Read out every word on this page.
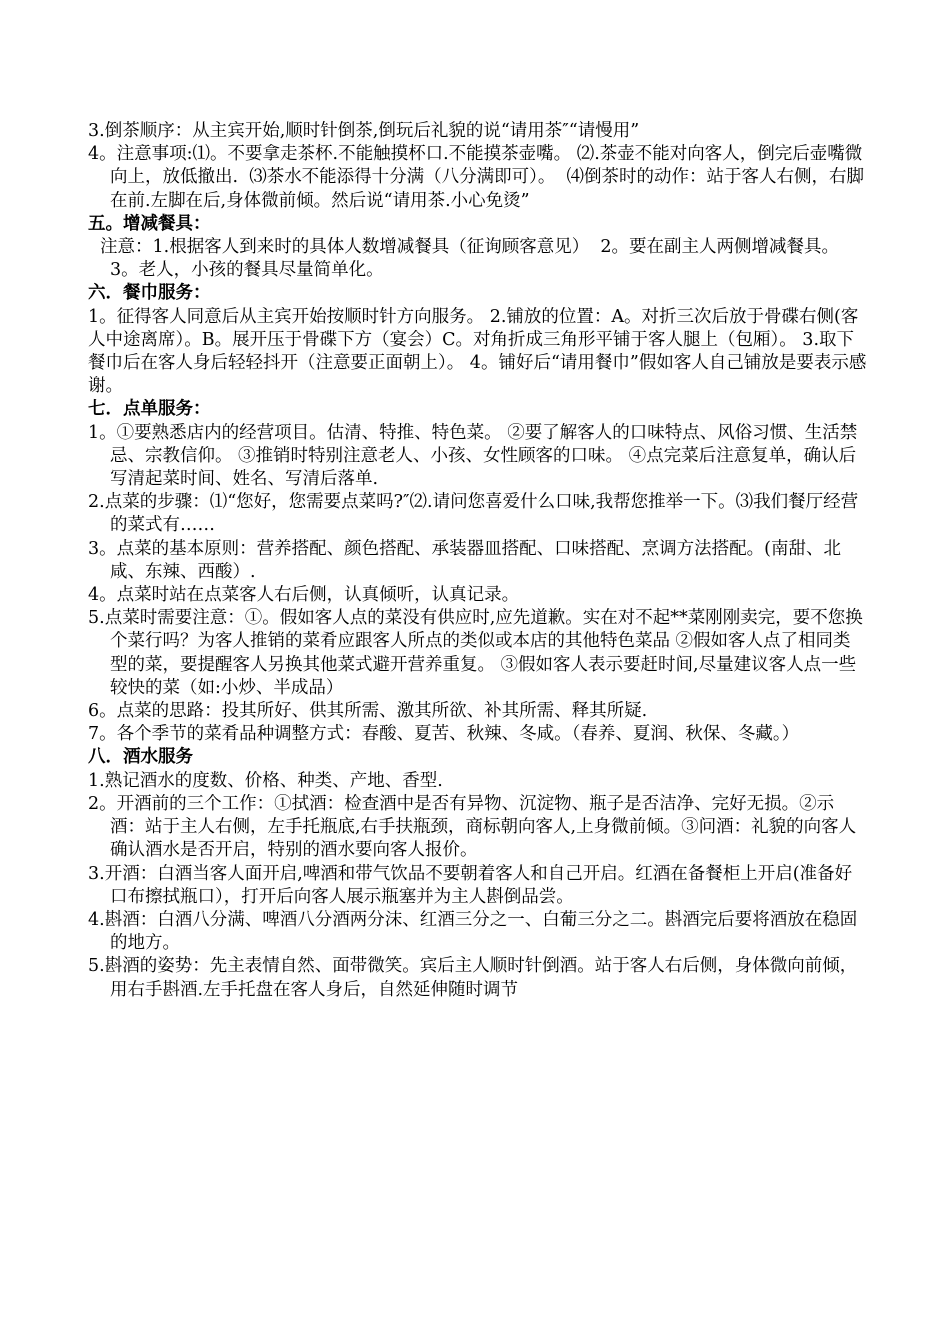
3.倒茶顺序：从主宾开始,顺时针倒茶,倒玩后礼貌的说“请用茶″“请慢用”

4。注意事项:⑴。不要拿走茶杯.不能触摸杯口.不能摸茶壶嘴。 ⑵.茶壶不能对向客人，倒完后壶嘴微向上，放低撤出.  ⑶茶水不能添得十分满（八分满即可）。  ⑷倒茶时的动作：站于客人右侧，右脚在前.左脚在后,身体微前倾。然后说“请用茶.小心免烫”

五。增减餐具：

注意：1.根据客人到来时的具体人数增减餐具（征询顾客意见）  2。要在副主人两侧增减餐具。 3。老人，小孩的餐具尽量简单化。

六．餐巾服务：

1。征得客人同意后从主宾开始按顺时针方向服务。 2.铺放的位置：A。对折三次后放于骨碟右侧(客人中途离席）。B。展开压于骨碟下方（宴会）C。对角折成三角形平铺于客人腿上（包厢）。 3.取下餐巾后在客人身后轻轻抖开（注意要正面朝上）。 4。铺好后“请用餐巾”假如客人自己铺放是要表示感谢。

七．点单服务：

1。①要熟悉店内的经营项目。估清、特推、特色菜。 ②要了解客人的口味特点、风俗习惯、生活禁忌、宗教信仰。 ③推销时特别注意老人、小孩、女性顾客的口味。 ④点完菜后注意复单，确认后写清起菜时间、姓名、写清后落单.

2.点菜的步骤：⑴“您好，您需要点菜吗?″⑵.请问您喜爱什么口味,我帮您推举一下。⑶我们餐厅经营的菜式有……

3。点菜的基本原则：营养搭配、颜色搭配、承装器皿搭配、口味搭配、烹调方法搭配。(南甜、北咸、东辣、西酸）.

4。点菜时站在点菜客人右后侧，认真倾听，认真记录。

5.点菜时需要注意：①。假如客人点的菜没有供应时,应先道歉。实在对不起**菜刚刚卖完，要不您换个菜行吗？为客人推销的菜肴应跟客人所点的类似或本店的其他特色菜品 ②假如客人点了相同类型的菜，要提醒客人另换其他菜式避开营养重复。 ③假如客人表示要赶时间,尽量建议客人点一些较快的菜（如:小炒、半成品）

6。点菜的思路：投其所好、供其所需、激其所欲、补其所需、释其所疑.

7。各个季节的菜肴品种调整方式：春酸、夏苦、秋辣、冬咸。（春养、夏润、秋保、冬藏。）

八．酒水服务

1.熟记酒水的度数、价格、种类、产地、香型.

2。开酒前的三个工作：①拭酒：检查酒中是否有异物、沉淀物、瓶子是否洁净、完好无损。②示酒：站于主人右侧，左手托瓶底,右手扶瓶颈，商标朝向客人,上身微前倾。③问酒：礼貌的向客人确认酒水是否开启，特别的酒水要向客人报价。

3.开酒：白酒当客人面开启,啤酒和带气饮品不要朝着客人和自己开启。红酒在备餐柜上开启(准备好口布擦拭瓶口），打开后向客人展示瓶塞并为主人斟倒品尝。

4.斟酒：白酒八分满、啤酒八分酒两分沫、红酒三分之一、白葡三分之二。斟酒完后要将酒放在稳固的地方。

5.斟酒的姿势：先主表情自然、面带微笑。宾后主人顺时针倒酒。站于客人右后侧，身体微向前倾，用右手斟酒.左手托盘在客人身后，自然延伸随时调节
